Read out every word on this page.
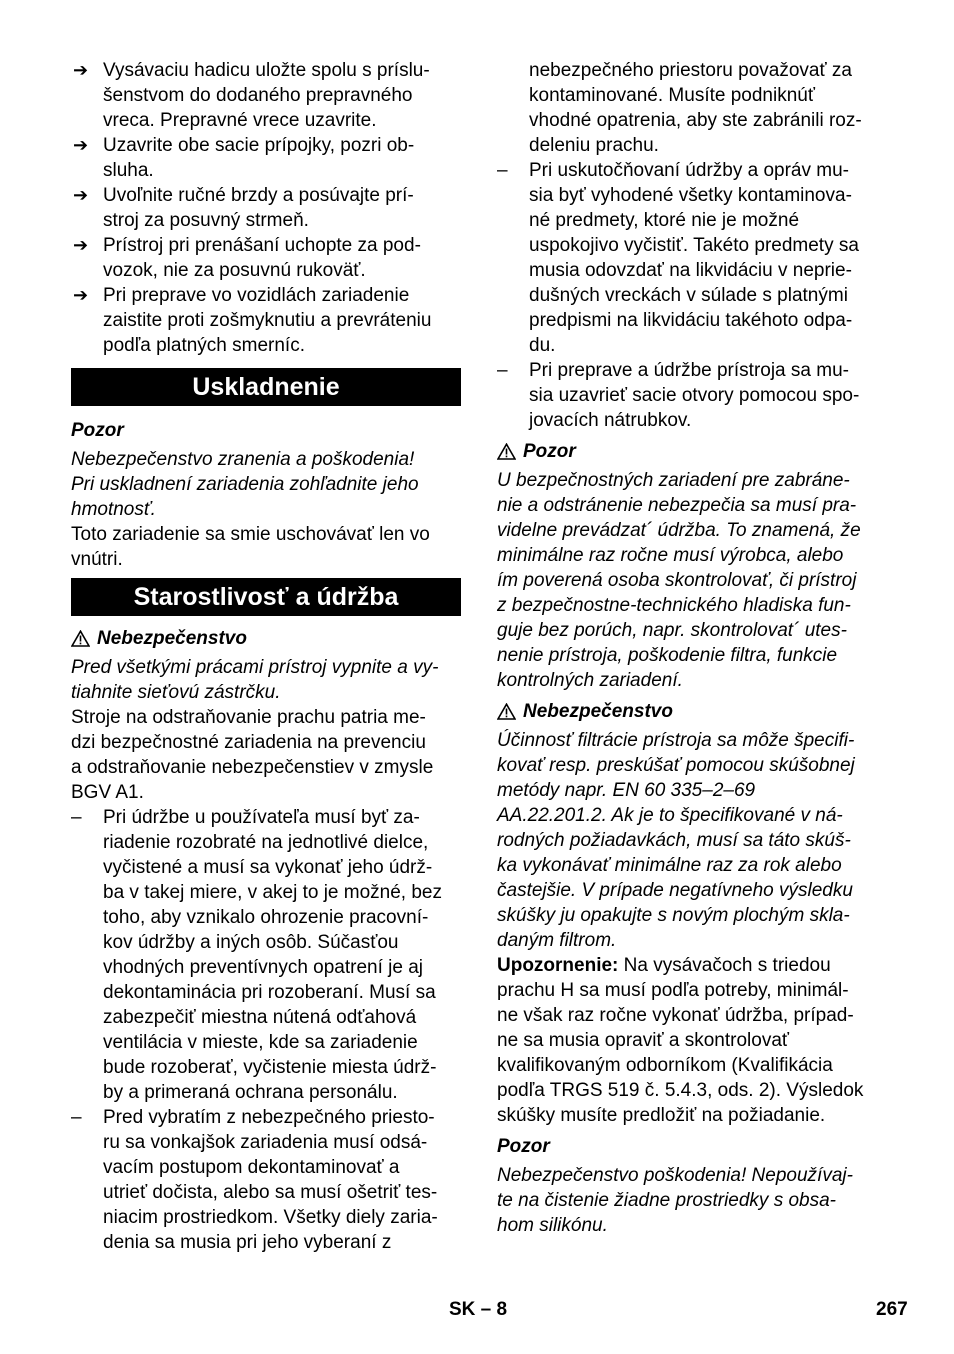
➔ Vysávaciu hadicu uložte spolu s príslu-
šenstvom do dodaného prepravného
vreca. Prepravné vrece uzavrite.
➔ Uzavrite obe sacie prípojky, pozri ob-
sluha.
➔ Uvoľnite ručné brzdy a posúvajte prí-
stroj za posuvný strmeň.
➔ Prístroj pri prenášaní uchopte za pod-
vozok, nie za posuvnú rukoväť.
➔ Pri preprave vo vozidlách zariadenie
zaistite proti zošmyknutiu a prevráteniu
podľa platných smerníc.
Uskladnenie
Pozor
Nebezpečenstvo zranenia a poškodenia!
Pri uskladnení zariadenia zohľadnite jeho
hmotnosť.
Toto zariadenie sa smie uschovávať len vo
vnútri.
Starostlivosť a údržba
Nebezpečenstvo
Pred všetkými prácami prístroj vypnite a vy-
tiahnite sieťovú zástrčku.
Stroje na odstraňovanie prachu patria me-
dzi bezpečnostné zariadenia na prevenciu
a odstraňovanie nebezpečenstiev v zmysle
BGV A1.
– Pri údržbe u používateľa musí byť za-
riadenie rozobraté na jednotlivé dielce,
vyčistené a musí sa vykonať jeho údrž-
ba v takej miere, v akej to je možné, bez
toho, aby vznikalo ohrozenie pracovní-
kov údržby a iných osôb. Súčasťou
vhodných preventívnych opatrení je aj
dekontaminácia pri rozoberaní. Musí sa
zabezpečiť miestna nútená odťahová
ventilácia v mieste, kde sa zariadenie
bude rozoberať, vyčistenie miesta údrž-
by a primeraná ochrana personálu.
– Pred vybratím z nebezpečného priesto-
ru sa vonkajšok zariadenia musí odsá-
vacím postupom dekontaminovať a
utrieť dočista, alebo sa musí ošetriť tes-
niacim prostriedkom. Všetky diely zaria-
denia sa musia pri jeho vyberaní z
nebezpečného priestoru považovať za
kontaminované. Musíte podniknúť
vhodné opatrenia, aby ste zabránili roz-
deleniu prachu.
– Pri uskutočňovaní údržby a opráv mu-
sia byť vyhodené všetky kontaminova-
né predmety, ktoré nie je možné
uspokojivo vyčistiť. Takéto predmety sa
musia odovzdať na likvidáciu v neprie-
dušných vreckách v súlade s platnými
predpismi na likvidáciu takéhoto odpa-
du.
– Pri preprave a údržbe prístroja sa mu-
sia uzavrieť sacie otvory pomocou spo-
jovacích nátrubkov.
Pozor
U bezpečnostných zariadení pre zabráne-
nie a odstránenie nebezpečia sa musí pra-
videlne prevádzat´ údržba. To znamená, že
minimálne raz ročne musí výrobca, alebo
ím poverená osoba skontrolovať, či prístroj
z bezpečnostne-technického hladiska fun-
guje bez porúch, napr. skontrolovat´ utes-
nenie prístroja, poškodenie filtra, funkcie
kontrolných zariadení.
Nebezpečenstvo
Účinnosť filtrácie prístroja sa môže špecifi-
kovať resp. preskúšať pomocou skúšobnej
metódy napr. EN 60 335–2–69
AA.22.201.2. Ak je to špecifikované v ná-
rodných požiadavkách, musí sa táto skúš-
ka vykonávať minimálne raz za rok alebo
častejšie. V prípade negatívneho výsledku
skúšky ju opakujte s novým plochým skla-
daným filtrom.
Upozornenie: Na vysávačoch s triedou
prachu H sa musí podľa potreby, minimál-
ne však raz ročne vykonať údržba, prípad-
ne sa musia opraviť a skontrolovať
kvalifikovaným odborníkom (Kvalifikácia
podľa TRGS 519 č. 5.4.3, ods. 2). Výsledok
skúšky musíte predložiť na požiadanie.
Pozor
Nebezpečenstvo poškodenia! Nepoužívaj-
te na čistenie žiadne prostriedky s obsa-
hom silikónu.
SK – 8	267
